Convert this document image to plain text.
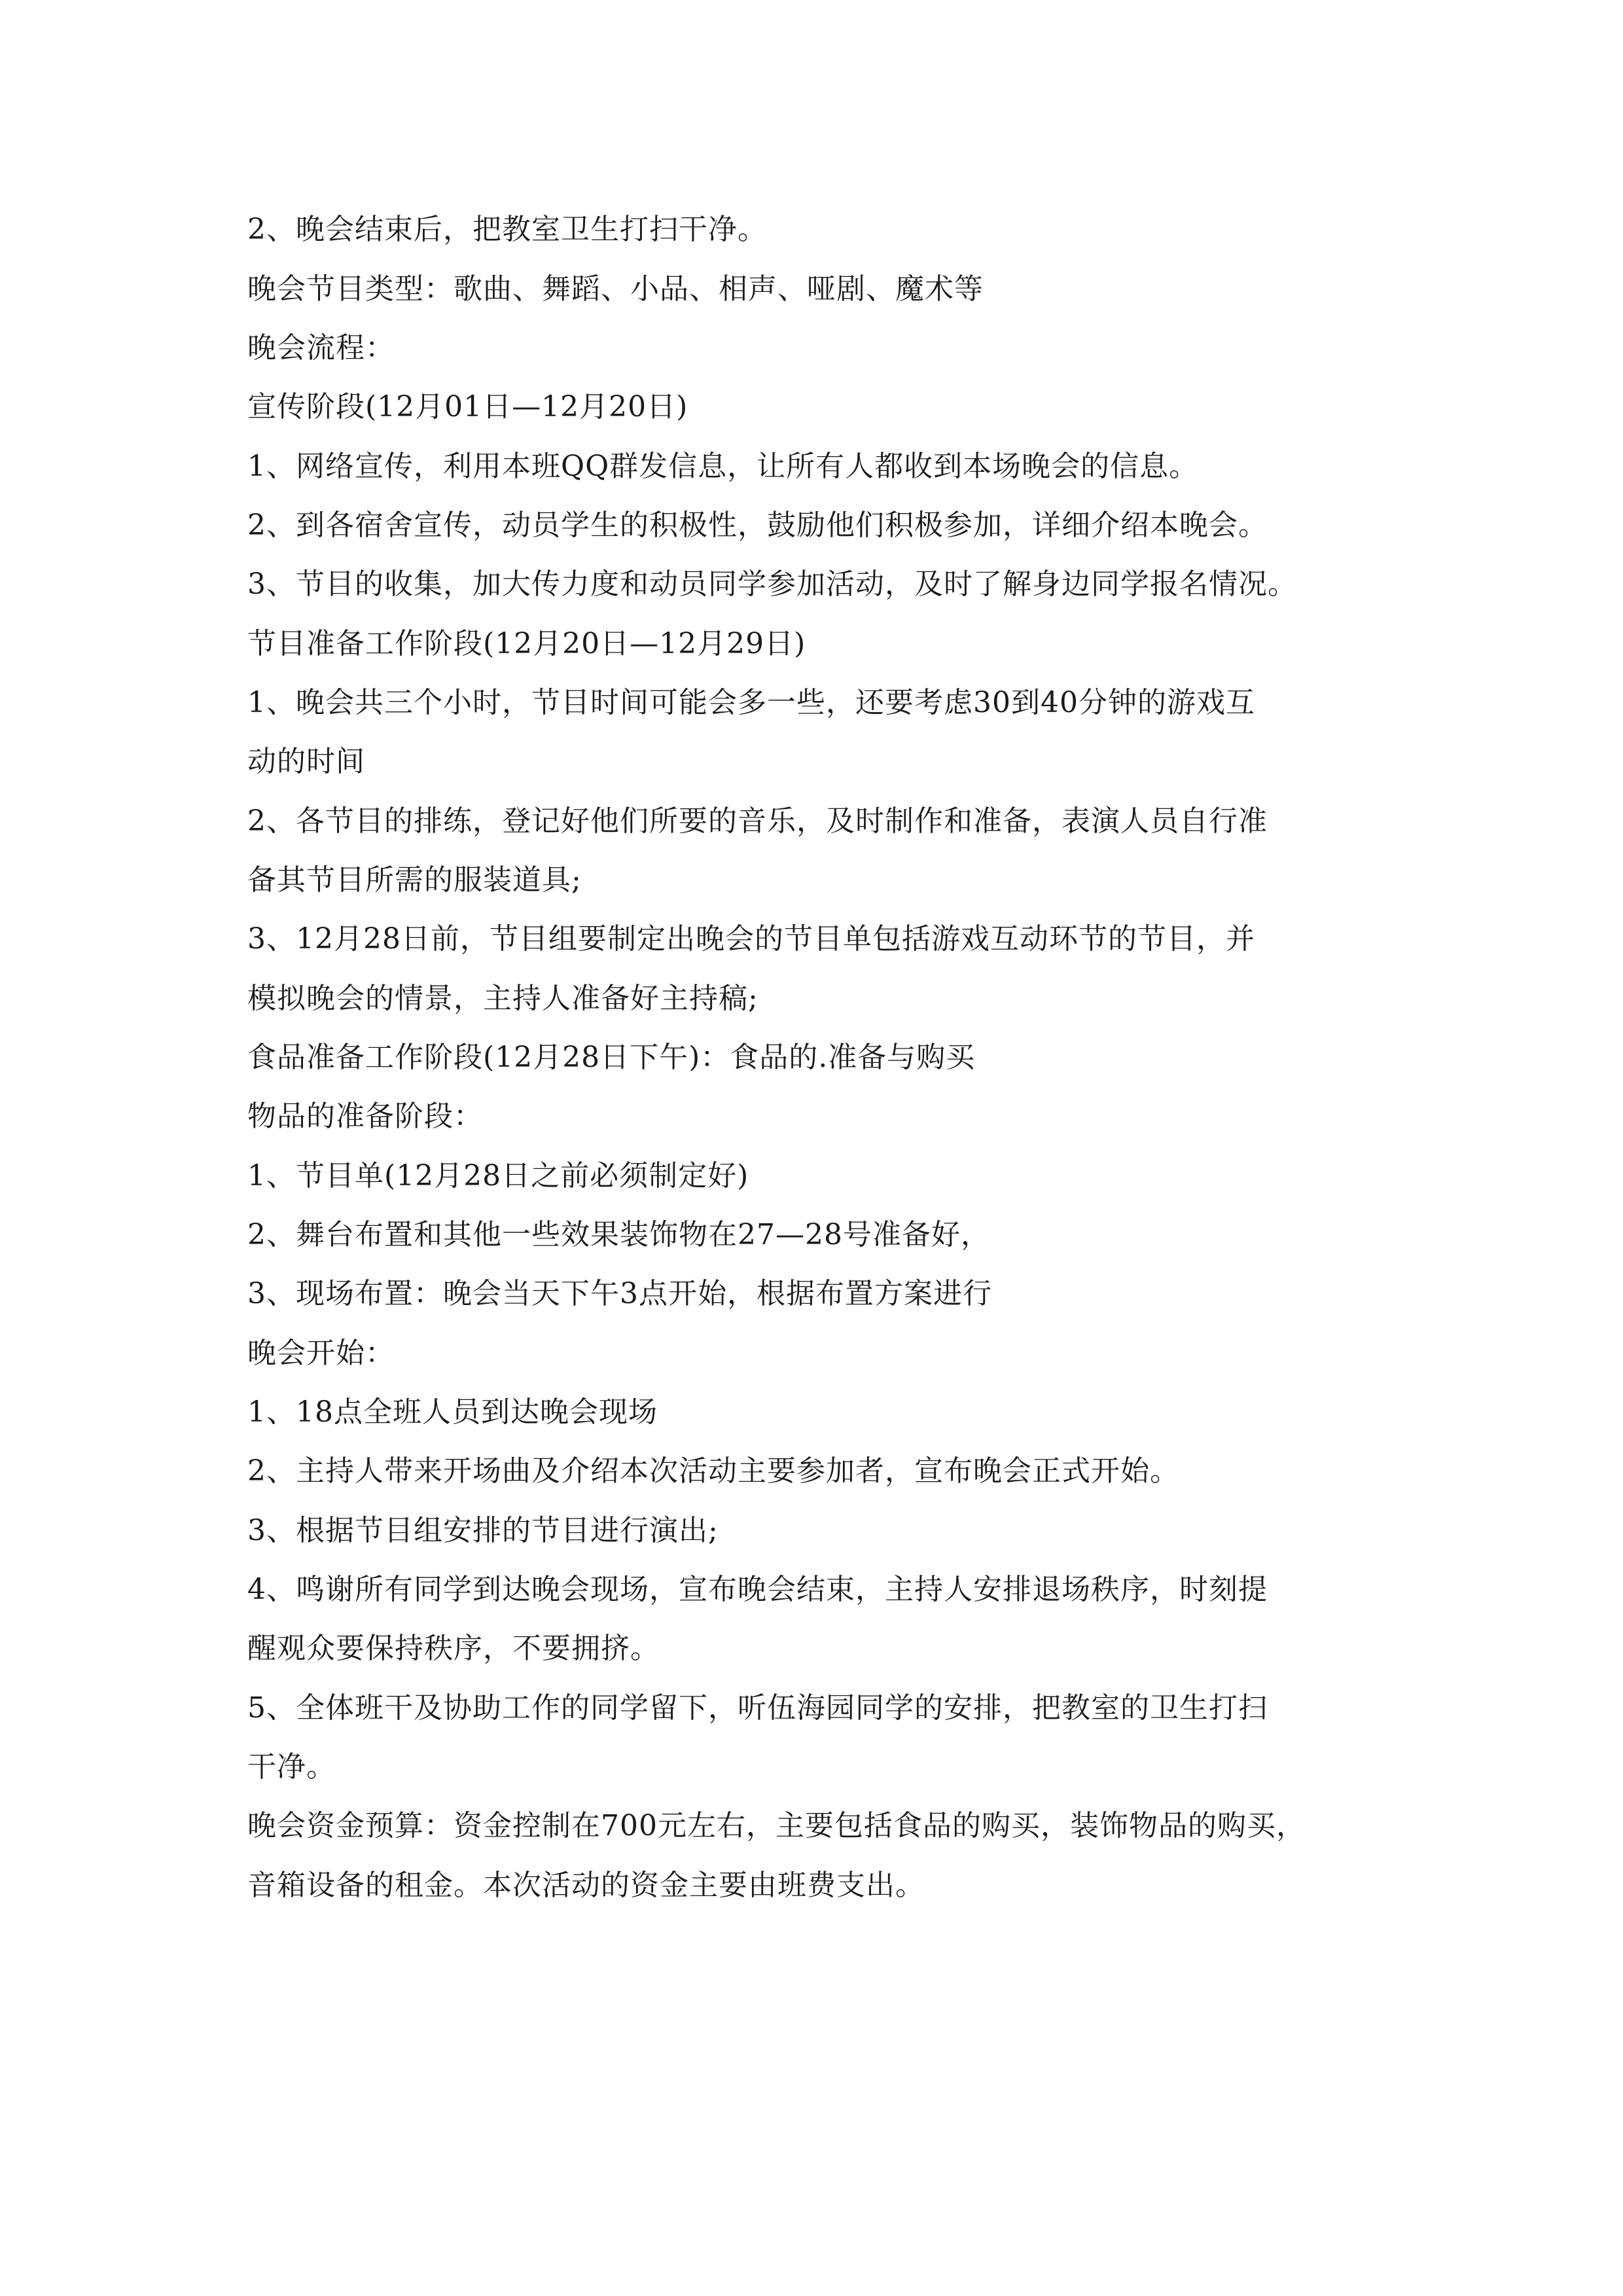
2、晚会结束后，把教室卫生打扫干净。

晚会节目类型：歌曲、舞蹈、小品、相声、哑剧、魔术等

晚会流程：

宣传阶段(12月01日—12月20日)

1、网络宣传，利用本班QQ群发信息，让所有人都收到本场晚会的信息。

2、到各宿舍宣传，动员学生的积极性，鼓励他们积极参加，详细介绍本晚会。

3、节目的收集，加大传力度和动员同学参加活动，及时了解身边同学报名情况。

节目准备工作阶段(12月20日—12月29日)

1、晚会共三个小时，节目时间可能会多一些，还要考虑30到40分钟的游戏互

动的时间

2、各节目的排练，登记好他们所要的音乐，及时制作和准备，表演人员自行准

备其节目所需的服装道具;

3、12月28日前，节目组要制定出晚会的节目单包括游戏互动环节的节目，并

模拟晚会的情景，主持人准备好主持稿;

食品准备工作阶段(12月28日下午)：食品的.准备与购买

物品的准备阶段：

1、节目单(12月28日之前必须制定好)

2、舞台布置和其他一些效果装饰物在27—28号准备好，

3、现场布置：晚会当天下午3点开始，根据布置方案进行

晚会开始：

1、18点全班人员到达晚会现场

2、主持人带来开场曲及介绍本次活动主要参加者，宣布晚会正式开始。

3、根据节目组安排的节目进行演出;

4、鸣谢所有同学到达晚会现场，宣布晚会结束，主持人安排退场秩序，时刻提

醒观众要保持秩序，不要拥挤。

5、全体班干及协助工作的同学留下，听伍海园同学的安排，把教室的卫生打扫

干净。

晚会资金预算：资金控制在700元左右，主要包括食品的购买，装饰物品的购买，

音箱设备的租金。本次活动的资金主要由班费支出。
